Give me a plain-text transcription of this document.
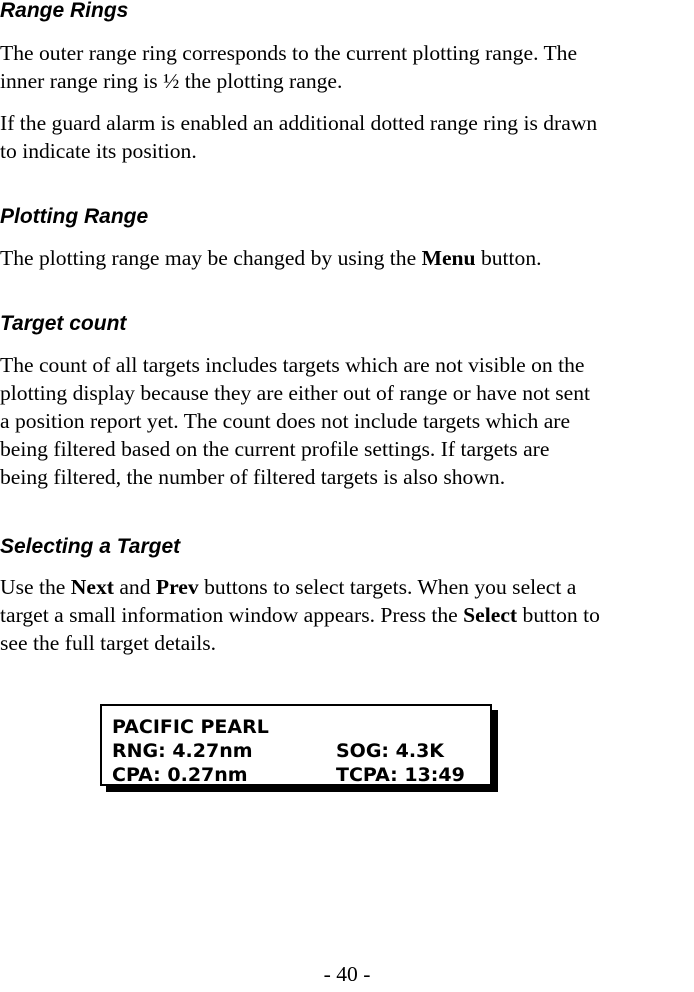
Range Rings

The outer range ring corresponds to the current plotting range. The
inner range ring is ½ the plotting range.

If the guard alarm is enabled an additional dotted range ring is drawn
to indicate its position.

Plotting Range

The plotting range may be changed by using the Menu button.

Target count

The count of all targets includes targets which are not visible on the
plotting display because they are either out of range or have not sent
a position report yet. The count does not include targets which are
being filtered based on the current profile settings. If targets are
being filtered, the number of filtered targets is also shown.

Selecting a Target

Use the Next and Prev buttons to select targets. When you select a
target a small information window appears. Press the Select button to
see the full target details.

PACIFIC PEARL
RNG: 4.27nm	SOG: 4.3K
CPA: 0.27nm	TCPA: 13:49
- 40 -
